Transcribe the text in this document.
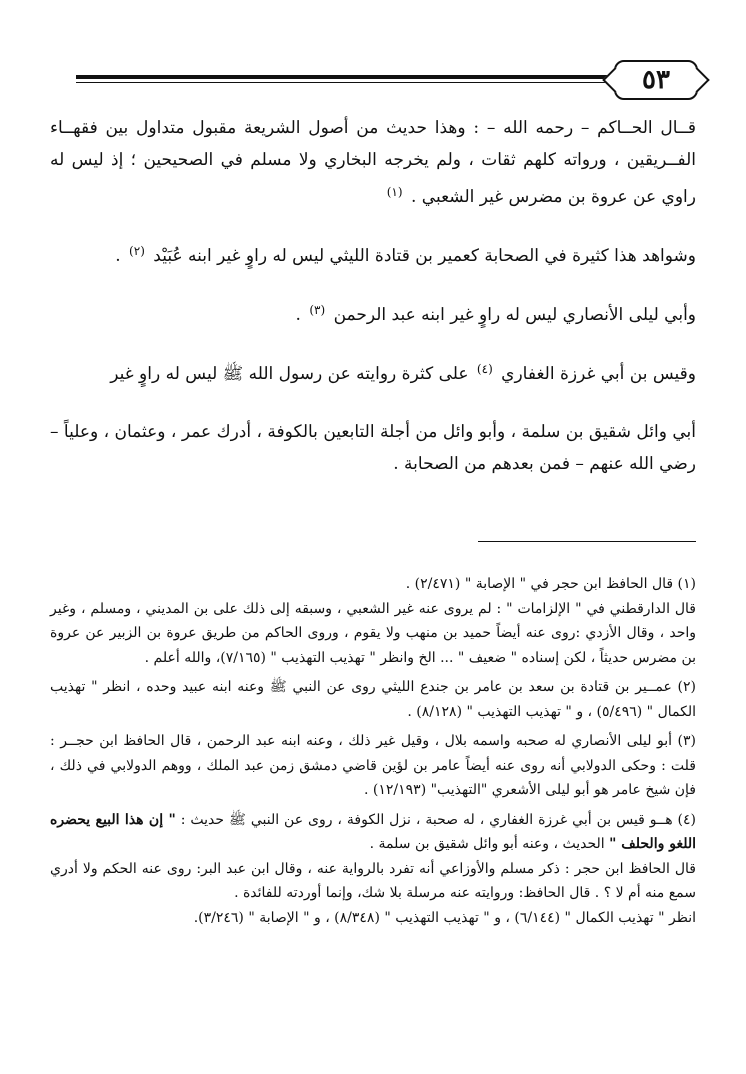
٥٣

قــال الحــاكم – رحمه الله – : وهذا حديث من أصول الشريعة مقبول متداول بين فقهــاء الفــريقين ، ورواته كلهم ثقات ، ولم يخرجه البخاري ولا مسلم في الصحيحين ؛ إذ ليس له راوي عن عروة بن مضرس غير الشعبي . $^{(١)}$

وشواهد هذا كثيرة في الصحابة كعمير بن قتادة الليثي ليس له راوٍ غير ابنه عُبَيْد $^{(٢)}$ .

وأبي ليلى الأنصاري ليس له راوٍ غير ابنه عبد الرحمن $^{(٣)}$ .

وقيس بن أبي غرزة الغفاري $^{(٤)}$ على كثرة روايته عن رسول الله ﷺ ليس له راوٍ غير

أبي وائل شقيق بن سلمة ، وأبو وائل من أجلة التابعين بالكوفة ، أدرك عمر ، وعثمان ، وعلياً – رضي الله عنهم – فمن بعدهم من الصحابة .

(١) قال الحافظ ابن حجر في " الإصابة " (٢/٤٧١) .

قال الدارقطني في " الإلزامات " : لم يروى عنه غير الشعبي ، وسبقه إلى ذلك على بن المديني ، ومسلم ، وغير واحد ، وقال الأزدي :روى عنه أيضاً حميد بن منهب ولا يقوم ، وروى الحاكم من طريق عروة بن الزبير عن عروة بن مضرس حديثاً ، لكن إسناده " ضعيف " ... الخ وانظر " تهذيب التهذيب " (٧/١٦٥)، والله أعلم .

(٢) عمــير بن قتادة بن سعد بن عامر بن جندع الليثي روى عن النبي ﷺ وعنه ابنه عبيد وحده ، انظر " تهذيب الكمال " (٥/٤٩٦) ، و " تهذيب التهذيب " (٨/١٢٨) .

(٣) أبو ليلى الأنصاري له صحبه واسمه بلال ، وقيل غير ذلك ، وعنه ابنه عبد الرحمن ، قال الحافظ ابن حجــر : قلت : وحكى الدولابي أنه روى عنه أيضاً عامر بن لؤين قاضي دمشق زمن عبد الملك ، ووهم الدولابي في ذلك ، فإن شيخ عامر هو أبو ليلى الأشعري "التهذيب" (١٢/١٩٣) .

(٤) هــو قيس بن أبي غرزة الغفاري ، له صحبة ، نزل الكوفة ، روى عن النبي ﷺ حديث : " إن هذا البيع يحضره اللغو والحلف " الحديث ، وعنه أبو وائل شقيق بن سلمة .

قال الحافظ ابن حجر : ذكر مسلم والأوزاعي أنه تفرد بالرواية عنه ، وقال ابن عبد البر: روى عنه الحكم ولا أدري سمع منه أم لا ؟ . قال الحافظ: وروايته عنه مرسلة بلا شك، وإنما أوردته للفائدة .

انظر " تهذيب الكمال " (٦/١٤٤) ، و " تهذيب التهذيب " (٨/٣٤٨) ، و " الإصابة " (٣/٢٤٦).
